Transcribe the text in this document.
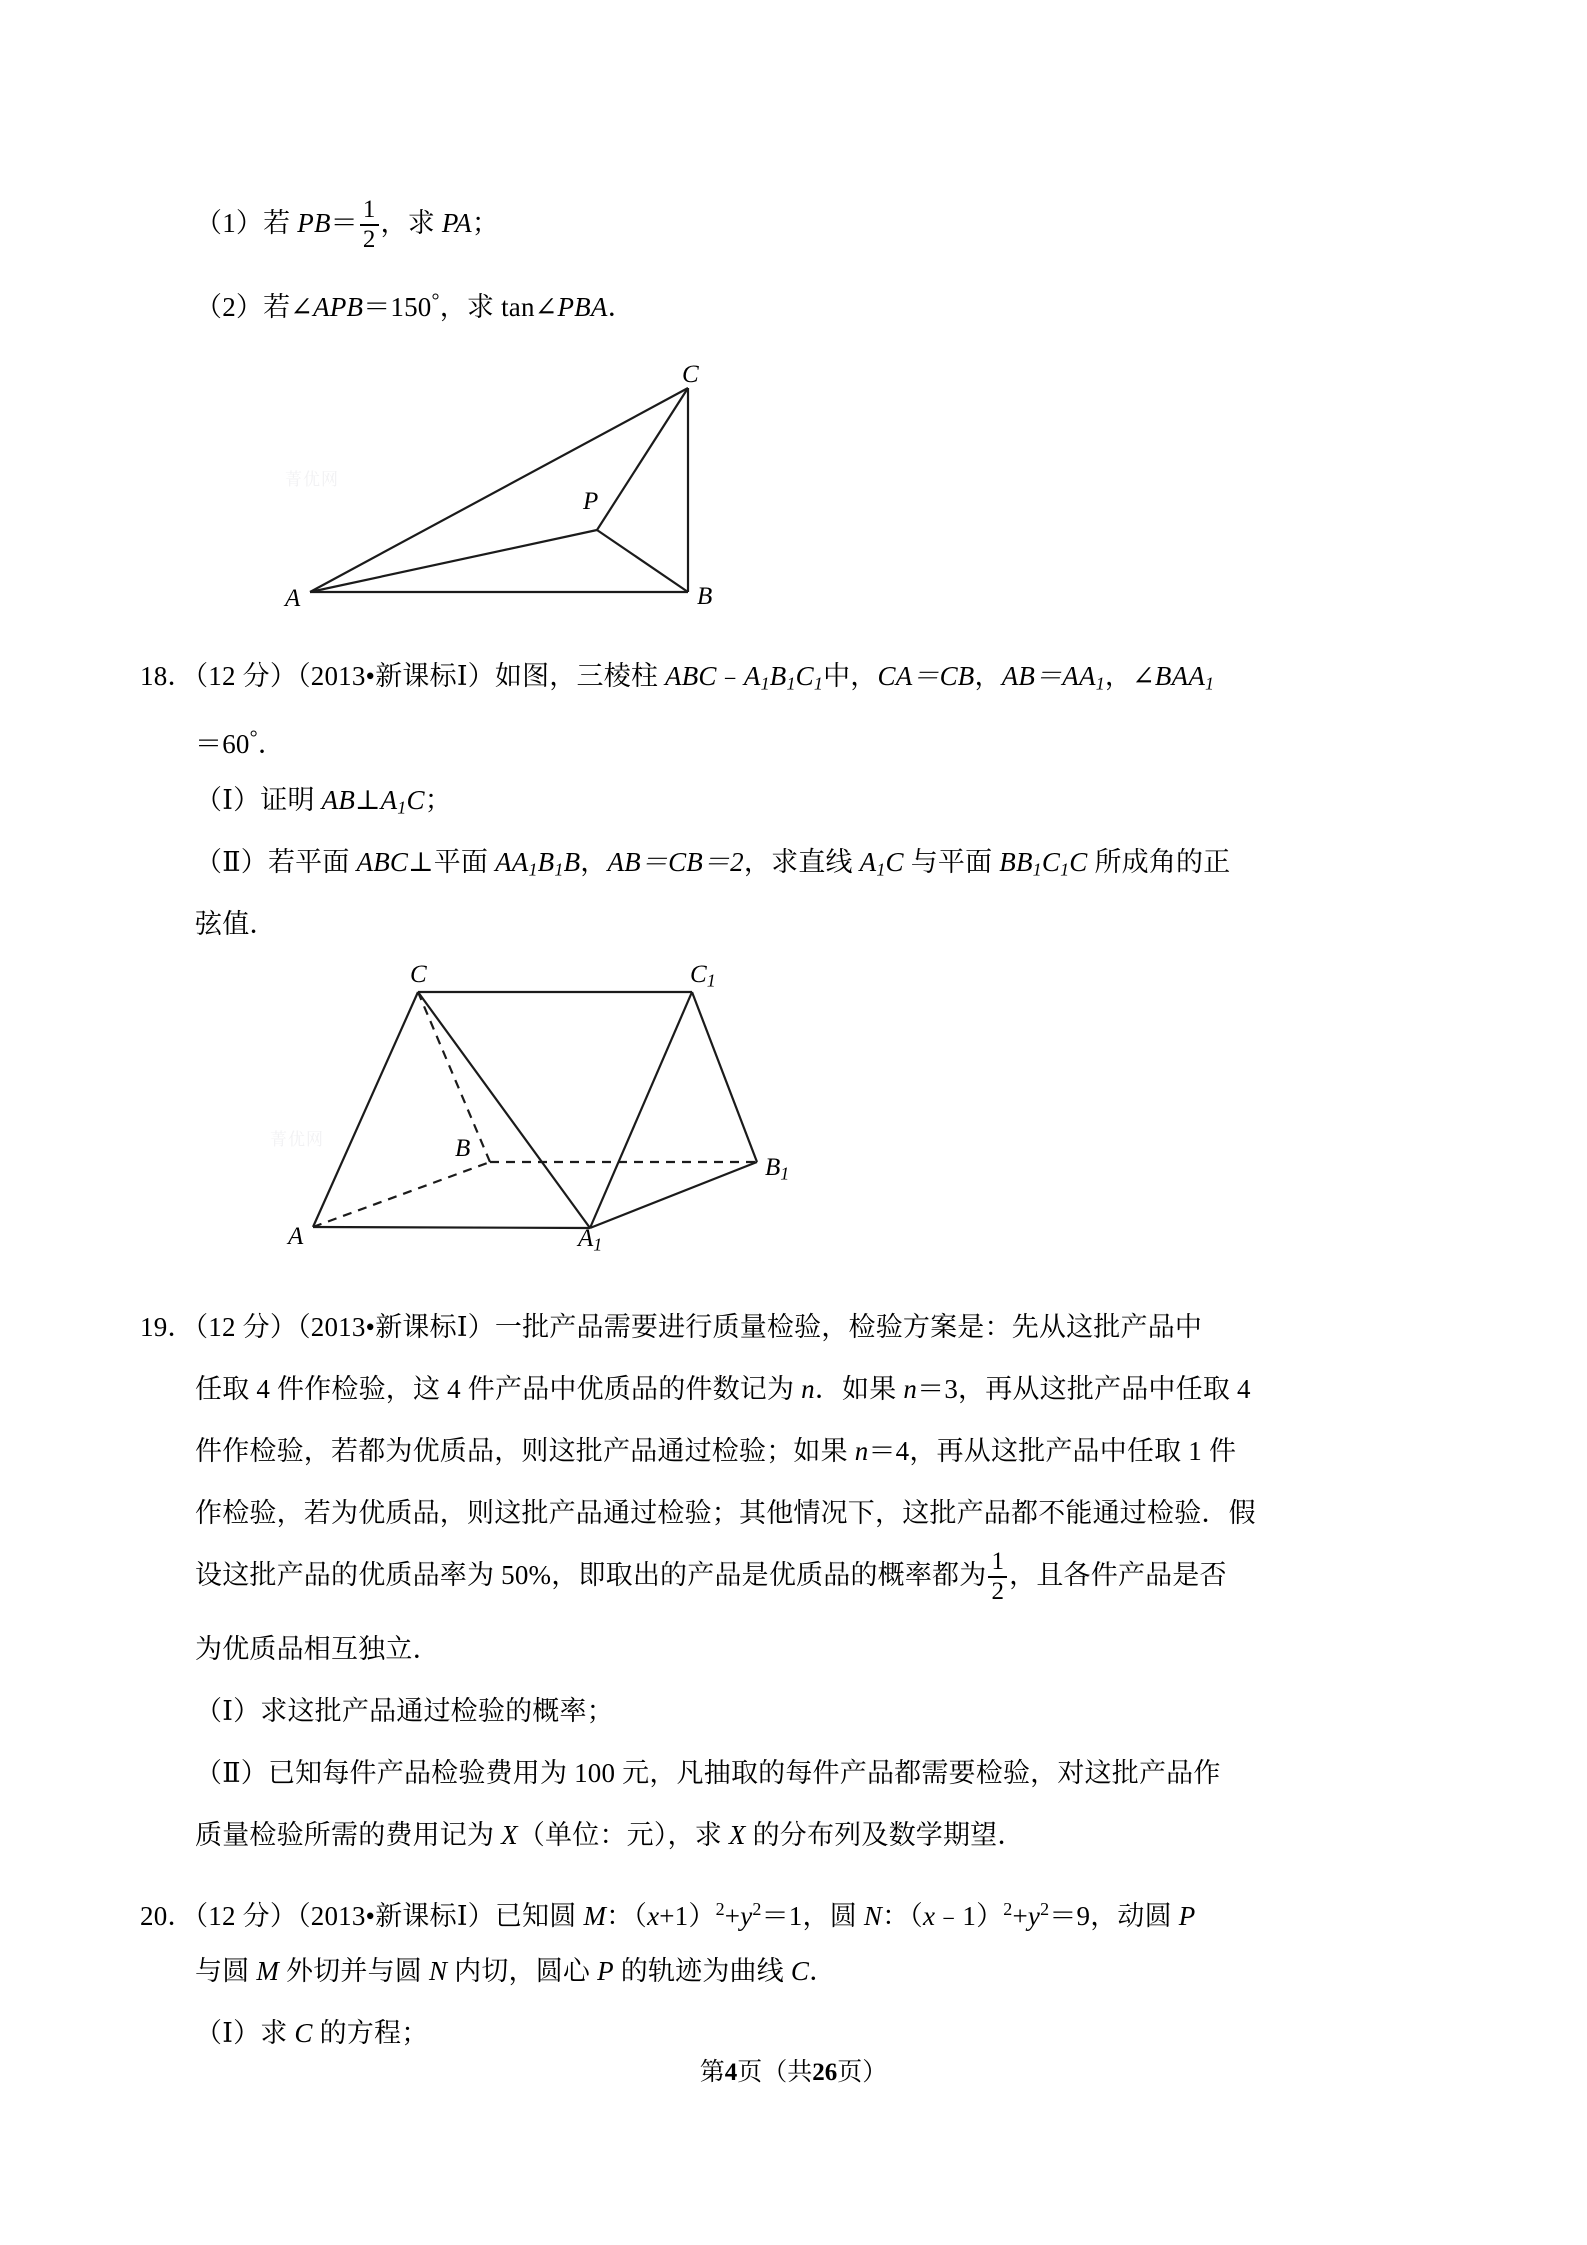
（1）若 $PB= \frac{1}{2}$ ，求 PA；
（2）若∠APB＝150°，求 tan∠PBA．
菁优网
C
B
A
P
18．（12 分）（2013•新课标Ⅰ）如图，三棱柱 $ABC﹣A_1B_1C_1$中，CA＝CB，$AB=AA_1$，$\angle BAA_1$
＝60°．
（Ⅰ）证明 $AB\perp A_1C$；
（Ⅱ）若平面 ABC⊥平面 $AA_1B_1B$，AB＝CB＝2，求直线 $A_1C$ 与平面 $BB_1C_1C$ 所成角的正
弦值．
菁优网
C	$C_1$
B
$B_1$
A	$A_1$
19．（12 分）（2013•新课标Ⅰ）一批产品需要进行质量检验，检验方案是：先从这批产品中
任取 4 件作检验，这 4 件产品中优质品的件数记为 n．如果 n＝3，再从这批产品中任取 4
件作检验，若都为优质品，则这批产品通过检验；如果 n＝4，再从这批产品中任取 1 件
作检验，若为优质品，则这批产品通过检验；其他情况下，这批产品都不能通过检验．假
设这批产品的优质品率为 50%，即取出的产品是优质品的概率都为 $\frac{1}{2}$ ，且各件产品是否
为优质品相互独立．
（Ⅰ）求这批产品通过检验的概率；
（Ⅱ）已知每件产品检验费用为 100 元，凡抽取的每件产品都需要检验，对这批产品作
质量检验所需的费用记为 X（单位：元），求 X 的分布列及数学期望．
20．（12 分）（2013•新课标Ⅰ）已知圆 M：$(x+1)^2+y^2=1$，圆 N：$(x﹣1)^2+y^2=9$，动圆 P
与圆 M 外切并与圆 N 内切，圆心 P 的轨迹为曲线 C．
（Ⅰ）求 C 的方程；
第4页（共26页）
